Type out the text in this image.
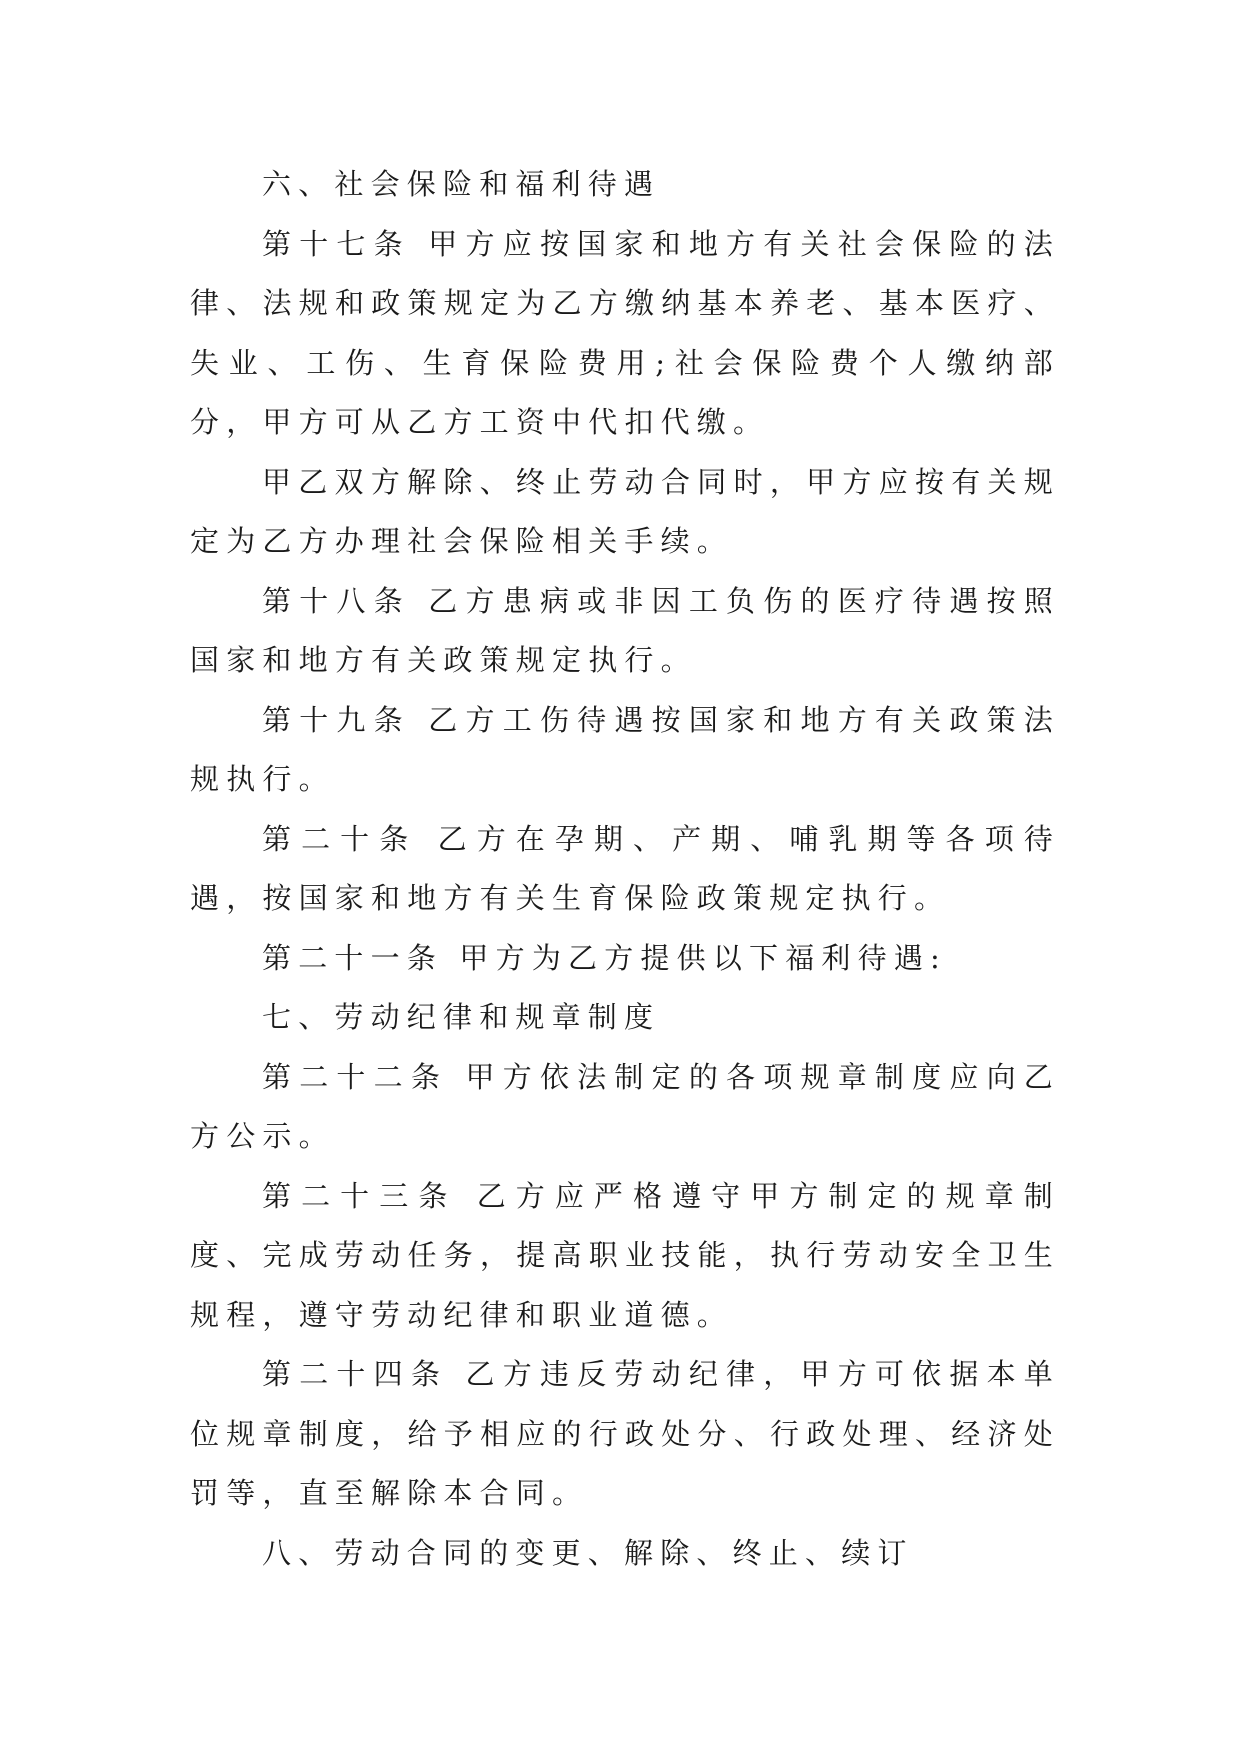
六、社会保险和福利待遇

第十七条 甲方应按国家和地方有关社会保险的法律、法规和政策规定为乙方缴纳基本养老、基本医疗、失业、工伤、生育保险费用;社会保险费个人缴纳部分，甲方可从乙方工资中代扣代缴。

甲乙双方解除、终止劳动合同时，甲方应按有关规定为乙方办理社会保险相关手续。

第十八条 乙方患病或非因工负伤的医疗待遇按照国家和地方有关政策规定执行。

第十九条 乙方工伤待遇按国家和地方有关政策法规执行。

第二十条 乙方在孕期、产期、哺乳期等各项待遇，按国家和地方有关生育保险政策规定执行。

第二十一条 甲方为乙方提供以下福利待遇:

七、劳动纪律和规章制度

第二十二条 甲方依法制定的各项规章制度应向乙方公示。

第二十三条 乙方应严格遵守甲方制定的规章制度、完成劳动任务，提高职业技能，执行劳动安全卫生规程，遵守劳动纪律和职业道德。

第二十四条 乙方违反劳动纪律，甲方可依据本单位规章制度，给予相应的行政处分、行政处理、经济处罚等，直至解除本合同。

八、劳动合同的变更、解除、终止、续订
